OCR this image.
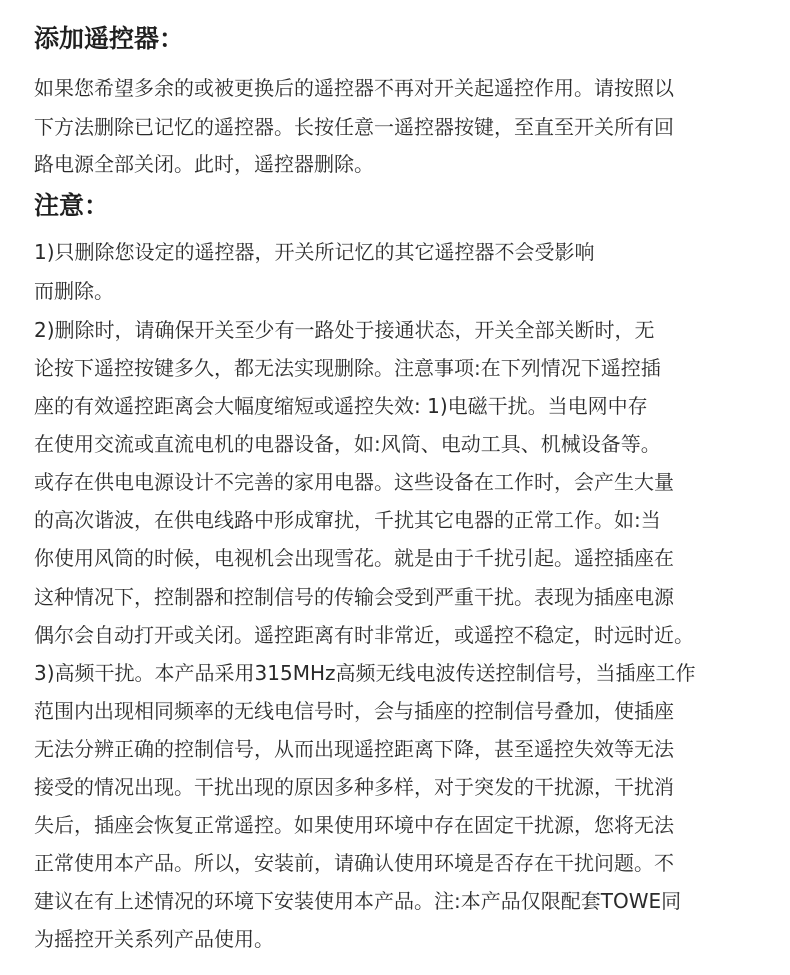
添加遥控器：
如果您希望多余的或被更换后的遥控器不再对开关起遥控作用。请按照以
下方法删除已记忆的遥控器。长按任意一遥控器按键，至直至开关所有回
路电源全部关闭。此时，遥控器删除。
注意：
1)只删除您设定的遥控器，开关所记忆的其它遥控器不会受影响
而删除。
2)删除时，请确保开关至少有一路处于接通状态，开关全部关断时，无
论按下遥控按键多久，都无法实现删除。注意事项:在下列情况下遥控插
座的有效遥控距离会大幅度缩短或遥控失效: 1)电磁干扰。当电网中存
在使用交流或直流电机的电器设备，如:风筒、电动工具、机械设备等。
或存在供电电源设计不完善的家用电器。这些设备在工作时，会产生大量
的高次谐波，在供电线路中形成窜扰，千扰其它电器的正常工作。如:当
你使用风筒的时候，电视机会出现雪花。就是由于千扰引起。遥控插座在
这种情况下，控制器和控制信号的传输会受到严重干扰。表现为插座电源
偶尔会自动打开或关闭。遥控距离有时非常近，或遥控不稳定，时远时近。
3)高频干扰。本产品采用315MHz高频无线电波传送控制信号，当插座工作
范围内出现相同频率的无线电信号时，会与插座的控制信号叠加，使插座
无法分辨正确的控制信号，从而出现遥控距离下降，甚至遥控失效等无法
接受的情况出现。干扰出现的原因多种多样，对于突发的干扰源，干扰消
失后，插座会恢复正常遥控。如果使用环境中存在固定干扰源，您将无法
正常使用本产品。所以，安装前，请确认使用环境是否存在干扰问题。不
建议在有上述情况的环境下安装使用本产品。注:本产品仅限配套TOWE同
为摇控开关系列产品使用。
